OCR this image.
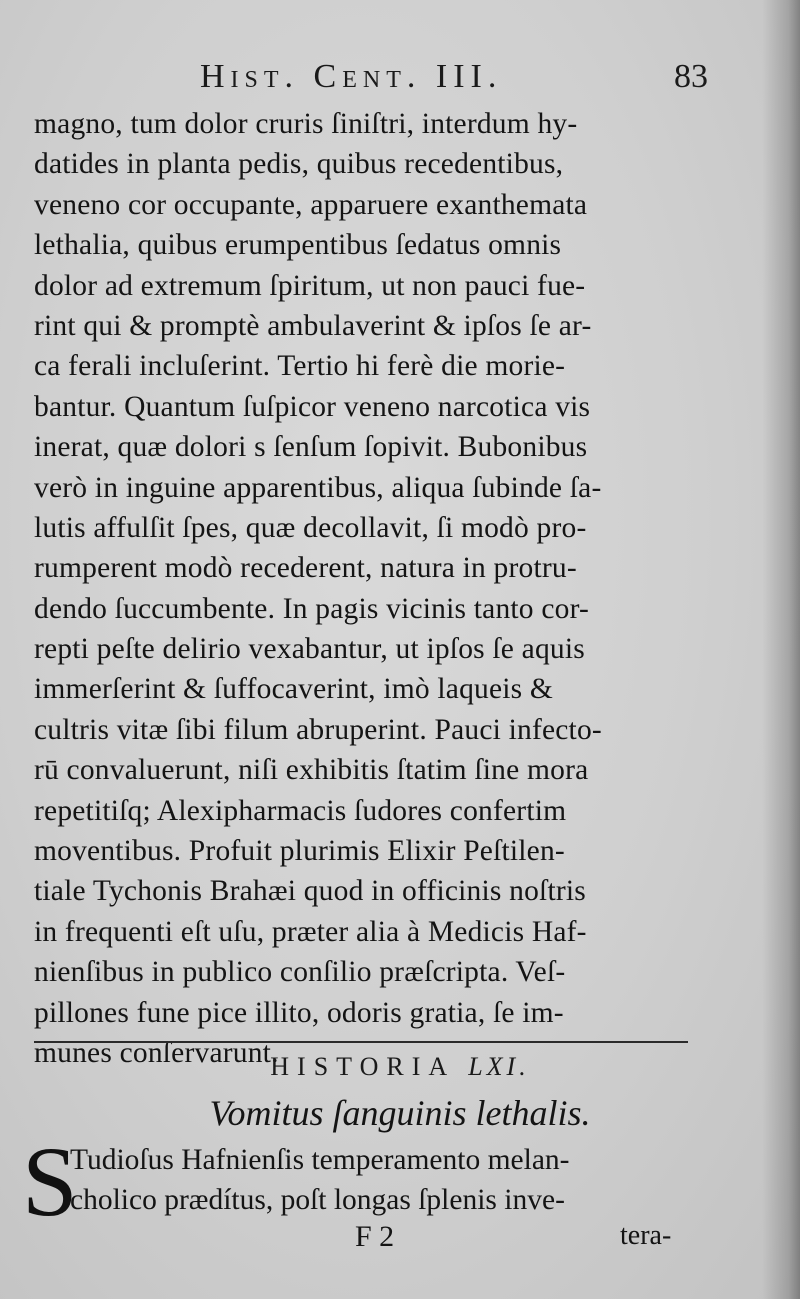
Hist. Cent. III.	83
magno, tum dolor cruris ſiniſtri, interdum hy-
datides in planta pedis, quibus recedentibus,
veneno cor occupante, apparuere exanthemata
lethalia, quibus erumpentibus ſedatus omnis
dolor ad extremum ſpiritum, ut non pauci fue-
rint qui & promptè ambulaverint & ipſos ſe ar-
ca ferali incluſerint. Tertio hi ferè die morie-
bantur. Quantum ſuſpicor veneno narcotica vis
inerat, quæ dolori s ſenſum ſopivit. Bubonibus
verò in inguine apparentibus, aliqua ſubinde ſa-
lutis affulſit ſpes, quæ decollavit, ſi modò pro-
rumperent modò recederent, natura in protru-
dendo ſuccumbente. In pagis vicinis tanto cor-
repti peſte delirio vexabantur, ut ipſos ſe aquis
immerſerint & ſuffocaverint, imò laqueis &
cultris vitæ ſibi filum abruperint. Pauci infecto-
rū convaluerunt, niſi exhibitis ſtatim ſine mora
repetitiſq; Alexipharmacis ſudores confertim
moventibus. Profuit plurimis Elixir Peſtilen-
tiale Tychonis Brahæi quod in officinis noſtris
in frequenti eſt uſu, præter alia à Medicis Haf-
nienſibus in publico conſilio præſcripta. Veſ-
pillones fune pice illito, odoris gratia, ſe im-
munes conſervarunt.
HISTORIA LXI.
Vomitus ſanguinis lethalis.
S
Tudioſus Hafnienſis temperamento melan-
cholico prædítus, poſt longas ſplenis inve-
F 2	tera-
